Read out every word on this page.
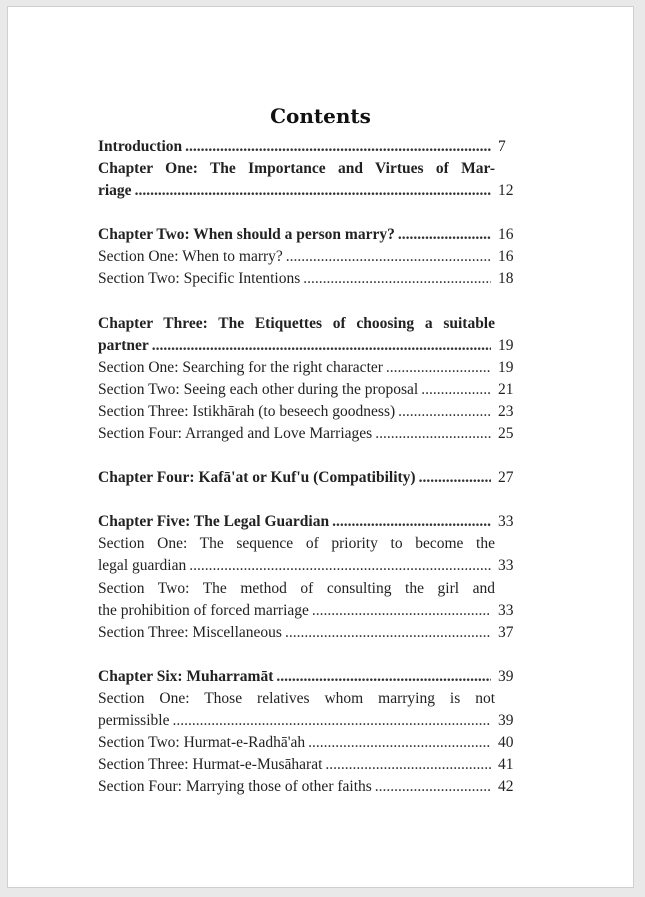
Contents
Introduction .....	7
Chapter One: The Importance and Virtues of Mar-
riage .....	12
Chapter Two: When should a person marry? .....	16
Section One: When to marry? .....	16
Section Two: Specific Intentions .....	18
Chapter Three: The Etiquettes of choosing a suitable
partner .....	19
Section One: Searching for the right character .....	19
Section Two: Seeing each other during the proposal .....	21
Section Three: Istikhārah (to beseech goodness) .....	23
Section Four: Arranged and Love Marriages .....	25
Chapter Four: Kafā'at or Kuf'u (Compatibility) .....	27
Chapter Five: The Legal Guardian .....	33
Section One: The sequence of priority to become the
legal guardian .....	33
Section Two: The method of consulting the girl and
the prohibition of forced marriage .....	33
Section Three: Miscellaneous .....	37
Chapter Six: Muharramāt .....	39
Section One: Those relatives whom marrying is not
permissible .....	39
Section Two: Hurmat-e-Radhā'ah .....	40
Section Three: Hurmat-e-Musāharat .....	41
Section Four: Marrying those of other faiths .....	42
